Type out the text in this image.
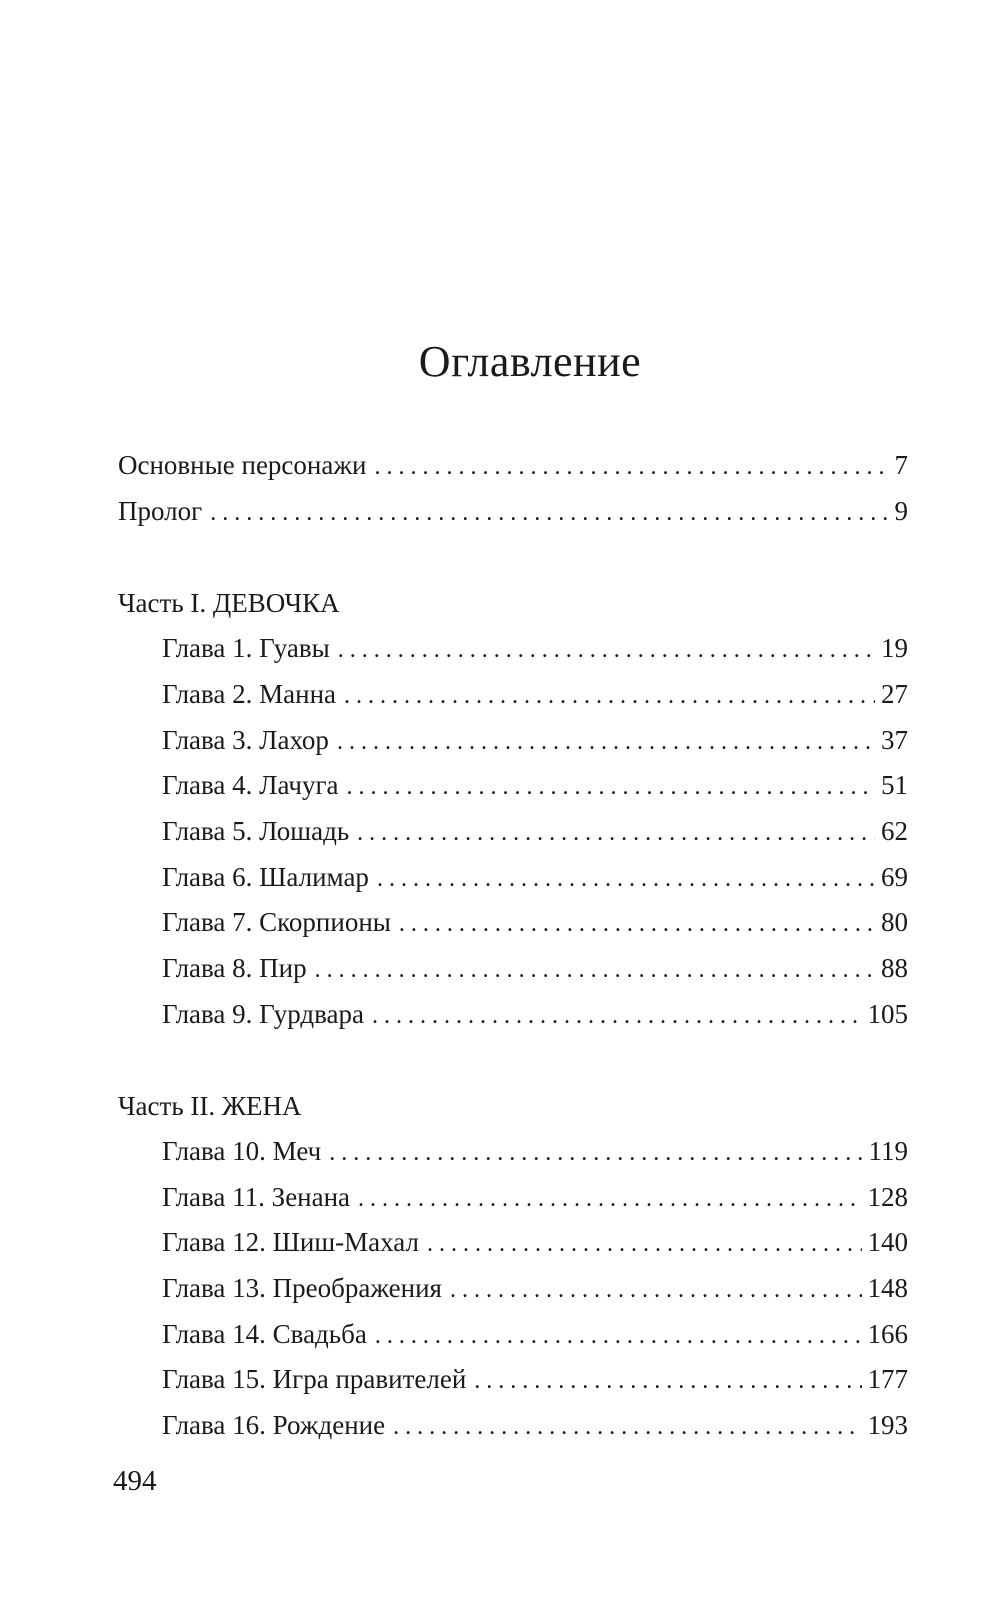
Оглавление
Основные персонажи . . .	7
Пролог . . .	9
Часть I. ДЕВОЧКА
Глава 1. Гуавы . . .	19
Глава 2. Манна . . .	27
Глава 3. Лахор . . .	37
Глава 4. Лачуга . . .	51
Глава 5. Лошадь . . .	62
Глава 6. Шалимар . . .	69
Глава 7. Скорпионы . . .	80
Глава 8. Пир . . .	88
Глава 9. Гурдвара . . .	105
Часть II. ЖЕНА
Глава 10. Меч . . .	119
Глава 11. Зенана . . .	128
Глава 12. Шиш-Махал . . .	140
Глава 13. Преображения . . .	148
Глава 14. Свадьба . . .	166
Глава 15. Игра правителей . . .	177
Глава 16. Рождение . . .	193
494
